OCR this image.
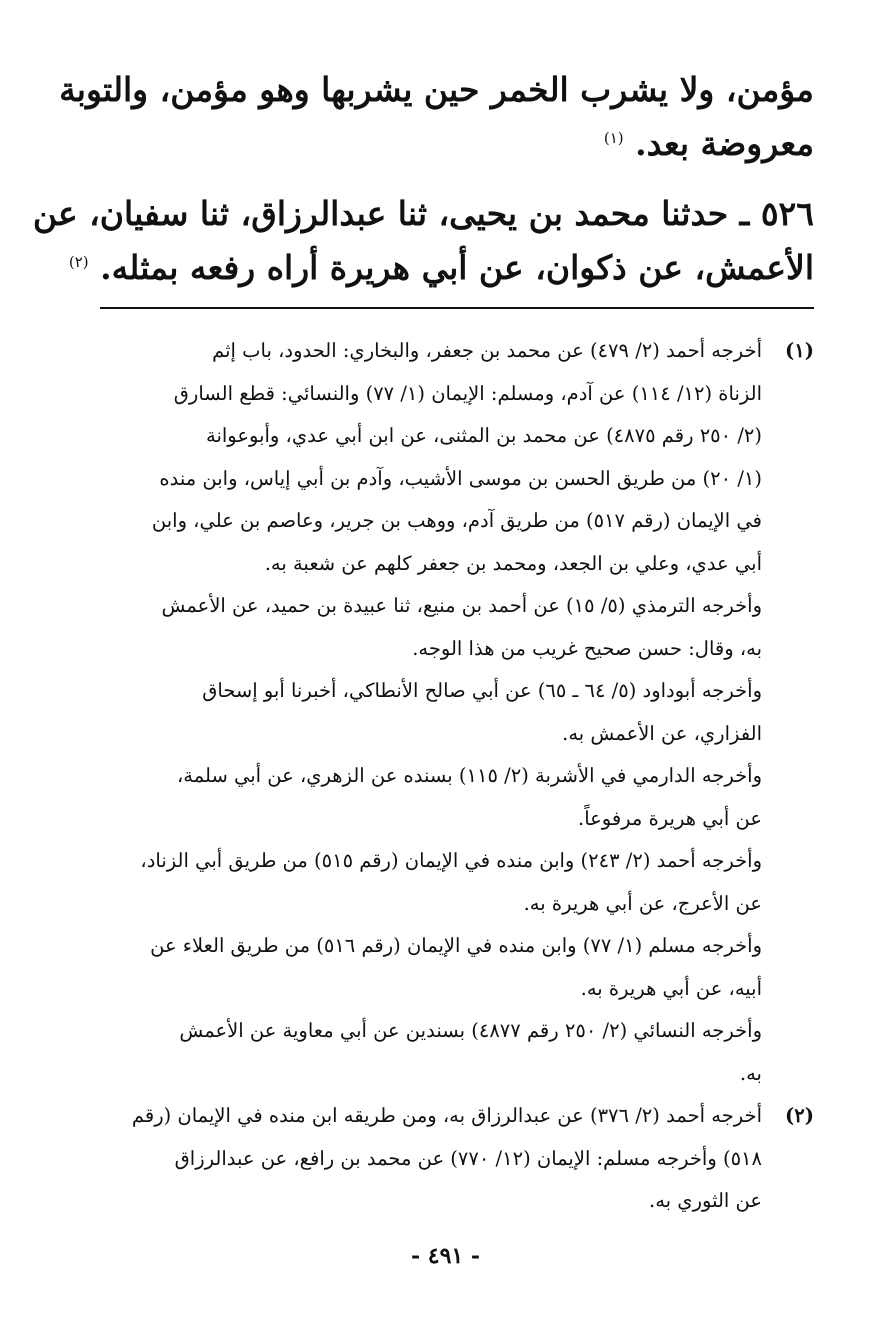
مؤمن، ولا يشرب الخمر حين يشربها وهو مؤمن، والتوبة
معروضة بعد. $^{(١)}$
٥٢٦ ـ حدثنا محمد بن يحيى، ثنا عبدالرزاق، ثنا سفيان، عن
الأعمش، عن ذكوان، عن أبي هريرة أراه رفعه بمثله. $^{(٢)}$
(١)
أخرجه أحمد (٢/ ٤٧٩) عن محمد بن جعفر، والبخاري: الحدود، باب إثم
الزناة (١٢/ ١١٤) عن آدم، ومسلم: الإيمان (١/ ٧٧) والنسائي: قطع السارق
(٢/ ٢٥٠ رقم ٤٨٧٥) عن محمد بن المثنى، عن ابن أبي عدي، وأبوعوانة
(١/ ٢٠) من طريق الحسن بن موسى الأشيب، وآدم بن أبي إياس، وابن منده
في الإيمان (رقم ٥١٧) من طريق آدم، ووهب بن جرير، وعاصم بن علي، وابن
أبي عدي، وعلي بن الجعد، ومحمد بن جعفر كلهم عن شعبة به.
وأخرجه الترمذي (٥/ ١٥) عن أحمد بن منيع، ثنا عبيدة بن حميد، عن الأعمش
به، وقال: حسن صحيح غريب من هذا الوجه.
وأخرجه أبوداود (٥/ ٦٤ ـ ٦٥) عن أبي صالح الأنطاكي، أخبرنا أبو إسحاق
الفزاري، عن الأعمش به.
وأخرجه الدارمي في الأشربة (٢/ ١١٥) بسنده عن الزهري، عن أبي سلمة،
عن أبي هريرة مرفوعاً.
وأخرجه أحمد (٢/ ٢٤٣) وابن منده في الإيمان (رقم ٥١٥) من طريق أبي الزناد،
عن الأعرج، عن أبي هريرة به.
وأخرجه مسلم (١/ ٧٧) وابن منده في الإيمان (رقم ٥١٦) من طريق العلاء عن
أبيه، عن أبي هريرة به.
وأخرجه النسائي (٢/ ٢٥٠ رقم ٤٨٧٧) بسندين عن أبي معاوية عن الأعمش
به.
(٢)
أخرجه أحمد (٢/ ٣٧٦) عن عبدالرزاق به، ومن طريقه ابن منده في الإيمان (رقم
٥١٨) وأخرجه مسلم: الإيمان (١٢/ ٧٧٠) عن محمد بن رافع، عن عبدالرزاق
عن الثوري به.
- ٤٩١ -
